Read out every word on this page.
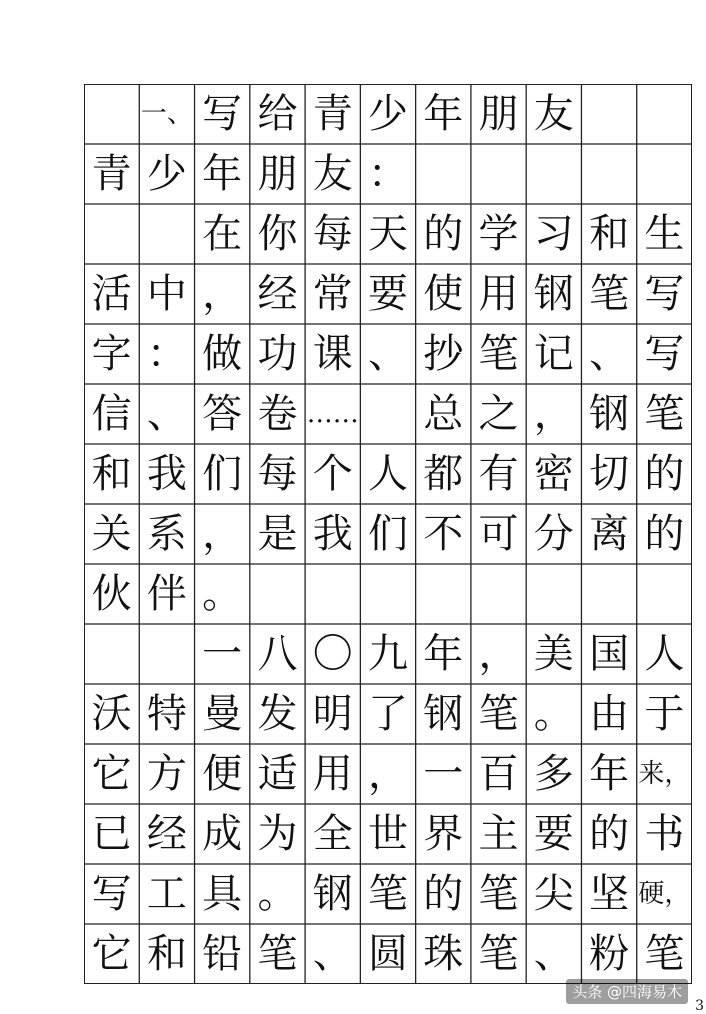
一、 写 给 青 少 年 朋 友
青 少 年 朋 友 ：
在 你 每 天 的 学 习 和 生
活 中 ， 经 常 要 使 用 钢 笔 写
字 ： 做 功 课 、 抄 笔 记 、 写
信 、 答 卷 …… 总 之 ， 钢 笔
和 我 们 每 个 人 都 有 密 切 的
关 系 ， 是 我 们 不 可 分 离 的
伙 伴 。
一 八 〇 九 年 ， 美 国 人
沃 特 曼 发 明 了 钢 笔 。 由 于
它 方 便 适 用 ， 一 百 多 年 来，
已 经 成 为 全 世 界 主 要 的 书
写 工 具 。 钢 笔 的 笔 尖 坚 硬，
它 和 铅 笔 、 圆 珠 笔 、 粉 笔
头条 @四海易木
3
